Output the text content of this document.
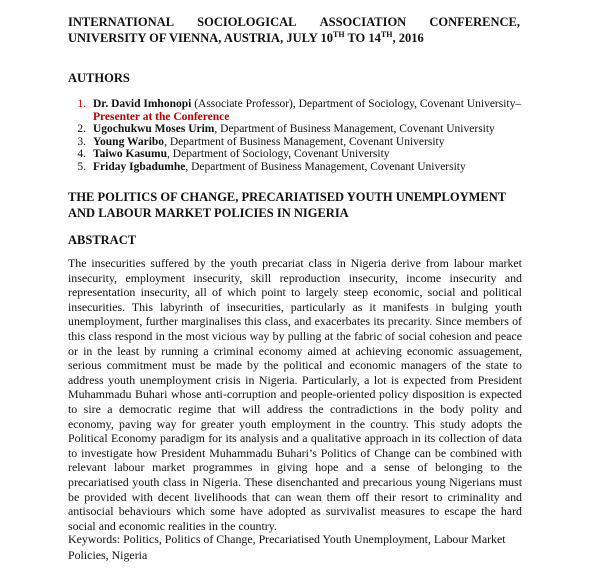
INTERNATIONAL SOCIOLOGICAL ASSOCIATION CONFERENCE,
UNIVERSITY OF VIENNA, AUSTRIA, JULY 10TH TO 14TH, 2016
AUTHORS
1. Dr. David Imhonopi (Associate Professor), Department of Sociology, Covenant University–
Presenter at the Conference
2. Ugochukwu Moses Urim, Department of Business Management, Covenant University
3. Young Waribo, Department of Business Management, Covenant University
4. Taiwo Kasumu, Department of Sociology, Covenant University
5. Friday Igbadumhe, Department of Business Management, Covenant University
THE POLITICS OF CHANGE, PRECARIATISED YOUTH UNEMPLOYMENT AND LABOUR MARKET POLICIES IN NIGERIA
ABSTRACT

The insecurities suffered by the youth precariat class in Nigeria derive from labour market insecurity, employment insecurity, skill reproduction insecurity, income insecurity and representation insecurity, all of which point to largely steep economic, social and political insecurities. This labyrinth of insecurities, particularly as it manifests in bulging youth unemployment, further marginalises this class, and exacerbates its precarity. Since members of this class respond in the most vicious way by pulling at the fabric of social cohesion and peace or in the least by running a criminal economy aimed at achieving economic assuagement, serious commitment must be made by the political and economic managers of the state to address youth unemployment crisis in Nigeria. Particularly, a lot is expected from President Muhammadu Buhari whose anti-corruption and people-oriented policy disposition is expected to sire a democratic regime that will address the contradictions in the body polity and economy, paving way for greater youth employment in the country. This study adopts the Political Economy paradigm for its analysis and a qualitative approach in its collection of data to investigate how President Muhammadu Buhari’s Politics of Change can be combined with relevant labour market programmes in giving hope and a sense of belonging to the precariatised youth class in Nigeria. These disenchanted and precarious young Nigerians must be provided with decent livelihoods that can wean them off their resort to criminality and antisocial behaviours which some have adopted as survivalist measures to escape the hard social and economic realities in the country.

Keywords: Politics, Politics of Change, Precariatised Youth Unemployment, Labour Market Policies, Nigeria
